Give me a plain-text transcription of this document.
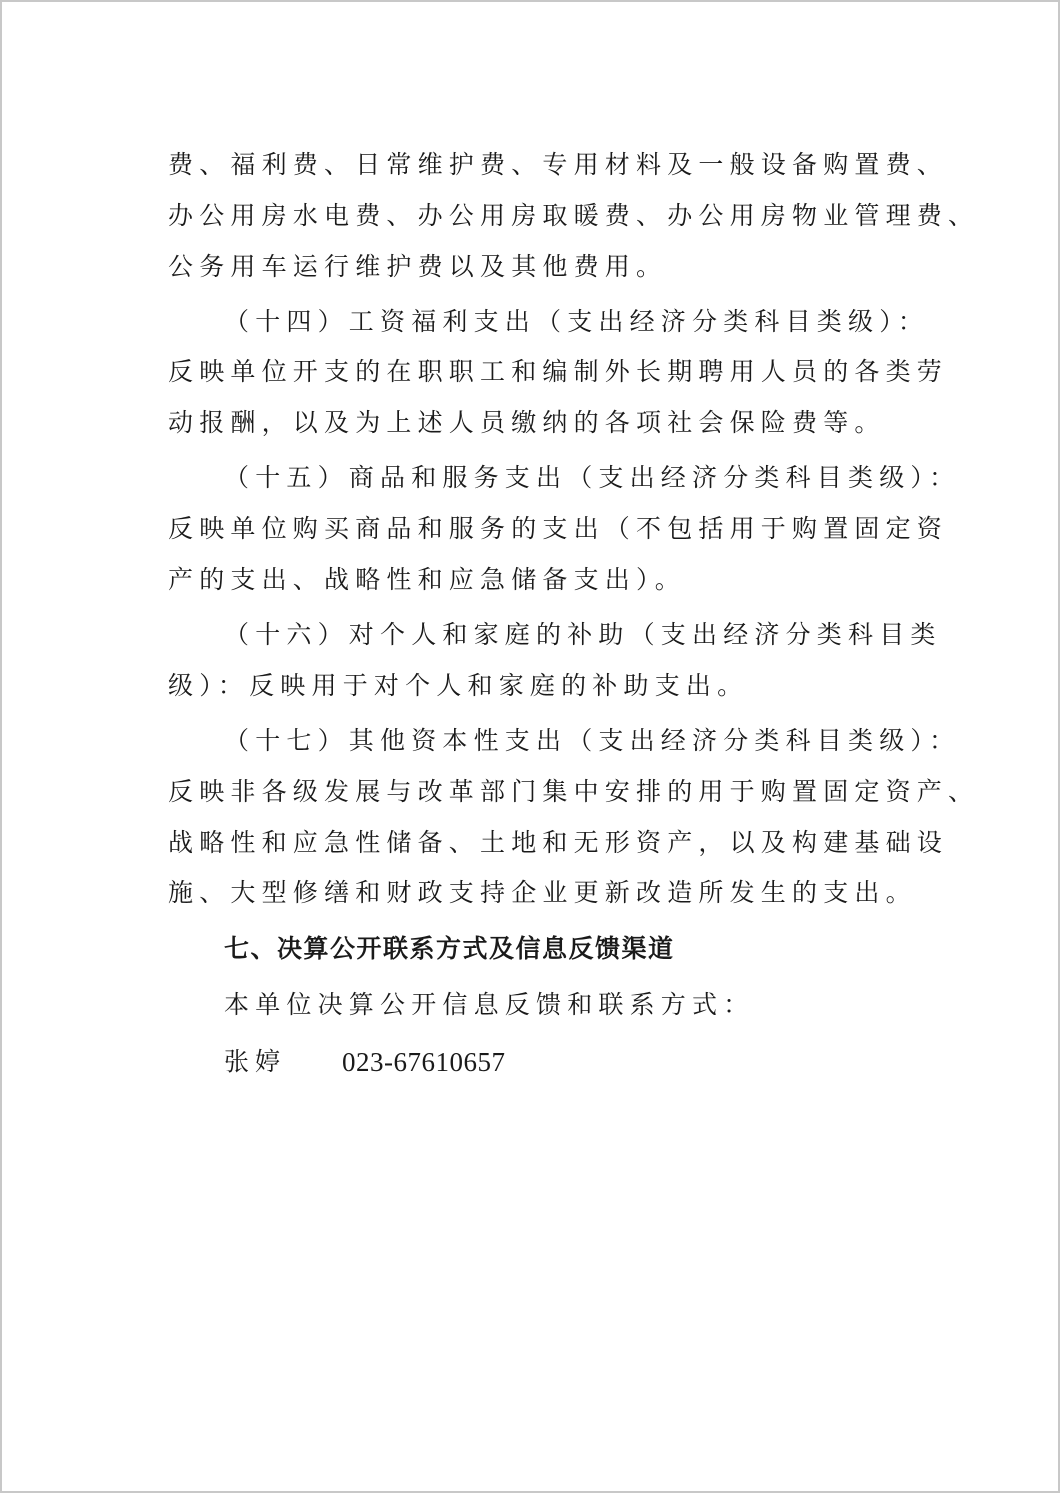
费、福利费、日常维护费、专用材料及一般设备购置费、
办公用房水电费、办公用房取暖费、办公用房物业管理费、
公务用车运行维护费以及其他费用。
（十四）工资福利支出（支出经济分类科目类级）：
反映单位开支的在职职工和编制外长期聘用人员的各类劳
动报酬，以及为上述人员缴纳的各项社会保险费等。
（十五）商品和服务支出（支出经济分类科目类级）：
反映单位购买商品和服务的支出（不包括用于购置固定资
产的支出、战略性和应急储备支出）。
（十六）对个人和家庭的补助（支出经济分类科目类
级）：反映用于对个人和家庭的补助支出。
（十七）其他资本性支出（支出经济分类科目类级）：
反映非各级发展与改革部门集中安排的用于购置固定资产、
战略性和应急性储备、土地和无形资产，以及构建基础设
施、大型修缮和财政支持企业更新改造所发生的支出。
七、决算公开联系方式及信息反馈渠道
本单位决算公开信息反馈和联系方式：
张婷 023-67610657
